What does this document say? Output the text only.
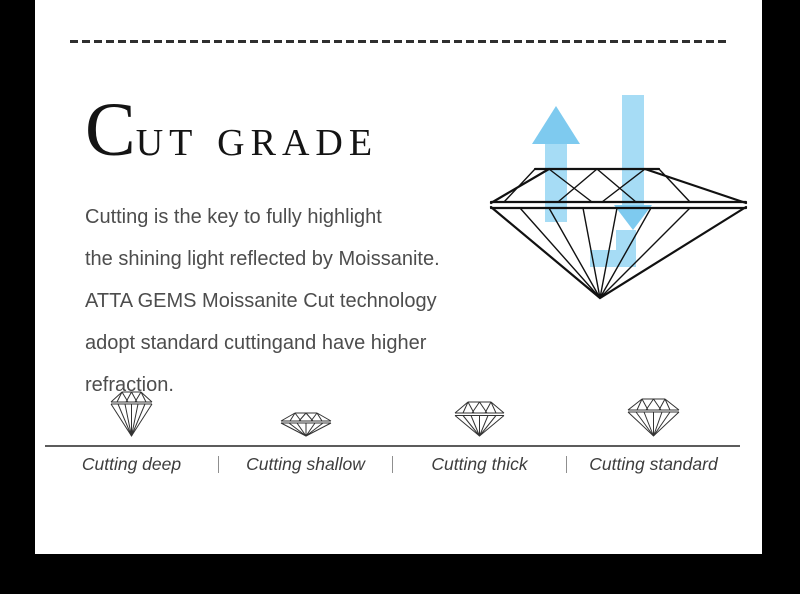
CUT GRADE
Cutting is the key to fully highlight
the shining light reflected by Moissanite.
ATTA GEMS Moissanite Cut technology
adopt standard cuttingand have higher refraction.
Cutting deep	Cutting shallow	Cutting thick	Cutting standard
